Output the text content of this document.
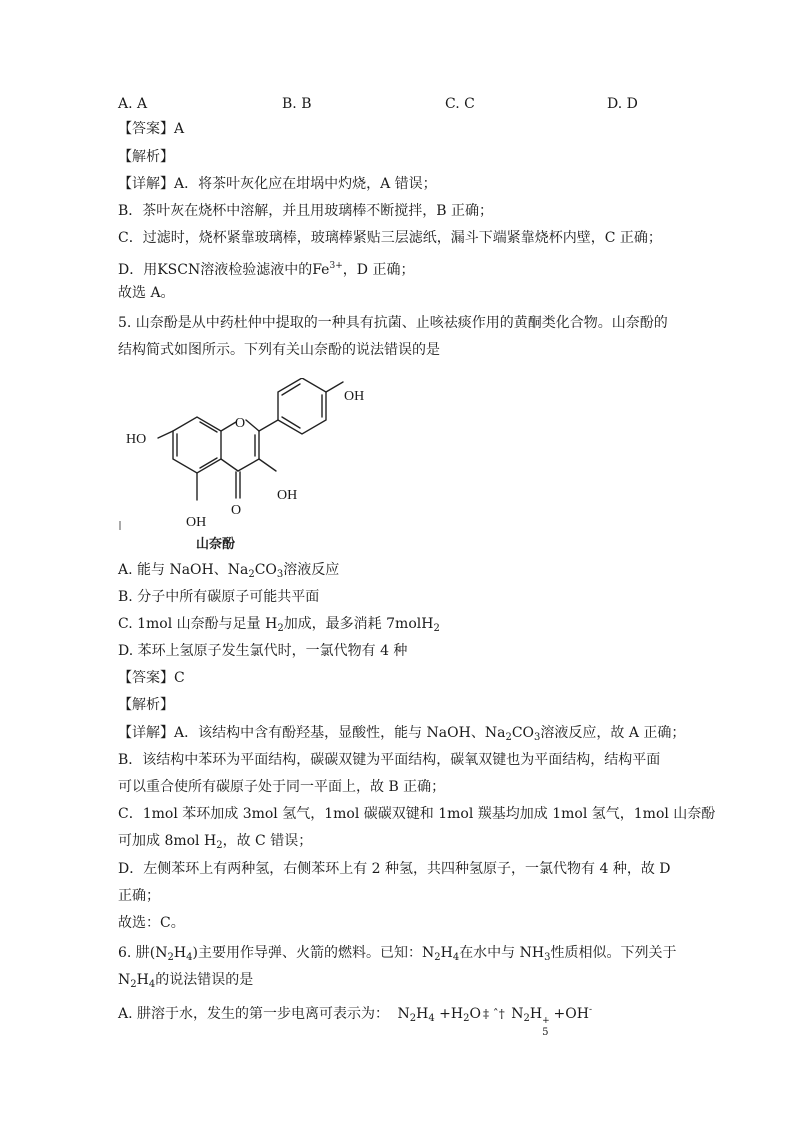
A. A	B. B	C. C	D. D
【答案】A
【解析】
【详解】A．将茶叶灰化应在坩埚中灼烧，A 错误；
B．茶叶灰在烧杯中溶解，并且用玻璃棒不断搅拌，B 正确；
C．过滤时，烧杯紧靠玻璃棒，玻璃棒紧贴三层滤纸，漏斗下端紧靠烧杯内壁，C 正确；
D．用KSCN溶液检验滤液中的$Fe^{3+}$，D 正确；
故选 A。
5. 山奈酚是从中药杜仲中提取的一种具有抗菌、止咳祛痰作用的黄酮类化合物。山奈酚的
结构简式如图所示。下列有关山奈酚的说法错误的是
OH
HO
O
OH
OH
O
山奈酚
A. 能与 NaOH、$Na_2CO_3$溶液反应
B. 分子中所有碳原子可能共平面
C. 1mol 山奈酚与足量 $H_2$加成，最多消耗 7molH$_2$
D. 苯环上氢原子发生氯代时，一氯代物有 4 种
【答案】C
【解析】
【详解】A．该结构中含有酚羟基，显酸性，能与 NaOH、$Na_2CO_3$溶液反应，故 A 正确；
B．该结构中苯环为平面结构，碳碳双键为平面结构，碳氧双键也为平面结构，结构平面
可以重合使所有碳原子处于同一平面上，故 B 正确；
C．1mol 苯环加成 3mol 氢气，1mol 碳碳双键和 1mol 羰基均加成 1mol 氢气，1mol 山奈酚
可加成 8mol $H_2$，故 C 错误；
D．左侧苯环上有两种氢，右侧苯环上有 2 种氢，共四种氢原子，一氯代物有 4 种，故 D
正确；
故选：C。
6. 肼$(N_2H_4)$主要用作导弹、火箭的燃料。已知：$N_2H_4$在水中与 $NH_3$性质相似。下列关于
$N_2H_4$的说法错误的是
A. 肼溶于水，发生的第一步电离可表示为： $N_2H_4 +H_2O$ ‡ ˆ† $N_2H$ +
5
+OH-
